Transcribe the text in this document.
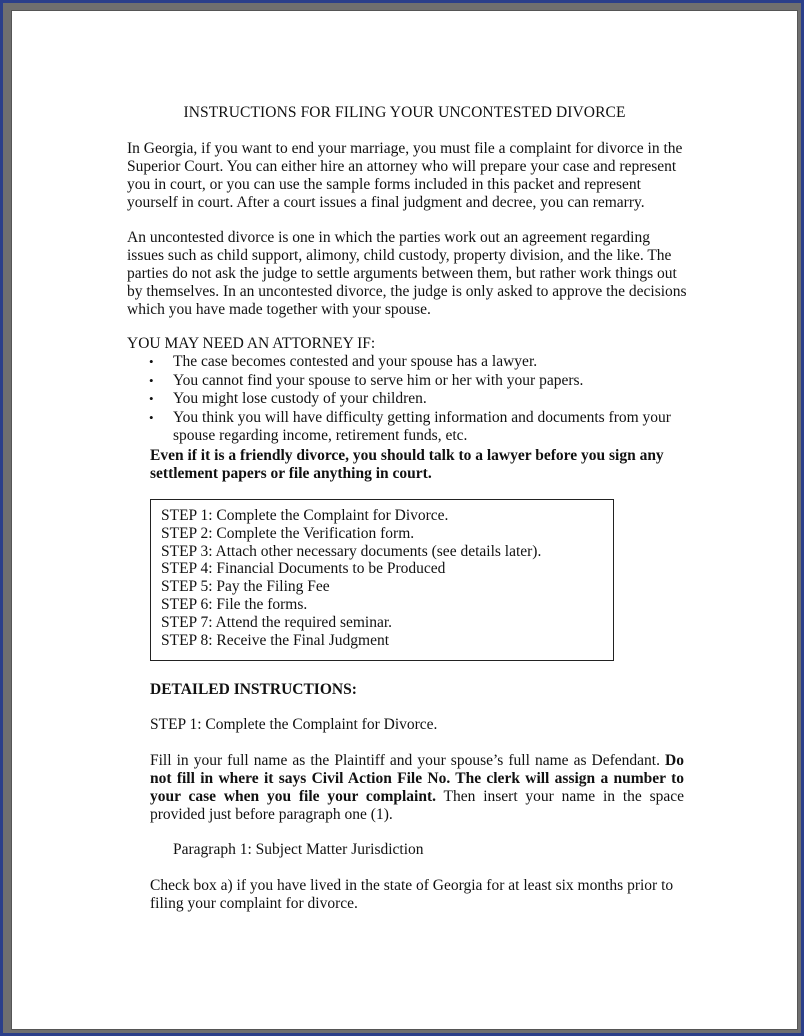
INSTRUCTIONS FOR FILING YOUR UNCONTESTED DIVORCE

In Georgia, if you want to end your marriage, you must file a complaint for divorce in the Superior Court. You can either hire an attorney who will prepare your case and represent you in court, or you can use the sample forms included in this packet and represent yourself in court. After a court issues a final judgment and decree, you can remarry.

An uncontested divorce is one in which the parties work out an agreement regarding issues such as child support, alimony, child custody, property division, and the like. The parties do not ask the judge to settle arguments between them, but rather work things out by themselves. In an uncontested divorce, the judge is only asked to approve the decisions which you have made together with your spouse.

YOU MAY NEED AN ATTORNEY IF:

• The case becomes contested and your spouse has a lawyer.
• You cannot find your spouse to serve him or her with your papers.
• You might lose custody of your children.
• You think you will have difficulty getting information and documents from your spouse regarding income, retirement funds, etc.

Even if it is a friendly divorce, you should talk to a lawyer before you sign any settlement papers or file anything in court.

STEP 1: Complete the Complaint for Divorce.
STEP 2: Complete the Verification form.
STEP 3: Attach other necessary documents (see details later).
STEP 4: Financial Documents to be Produced
STEP 5: Pay the Filing Fee
STEP 6: File the forms.
STEP 7: Attend the required seminar.
STEP 8: Receive the Final Judgment

DETAILED INSTRUCTIONS:

STEP 1: Complete the Complaint for Divorce.

Fill in your full name as the Plaintiff and your spouse’s full name as Defendant. Do not fill in where it says Civil Action File No. The clerk will assign a number to your case when you file your complaint. Then insert your name in the space provided just before paragraph one (1).

Paragraph 1: Subject Matter Jurisdiction

Check box a) if you have lived in the state of Georgia for at least six months prior to filing your complaint for divorce.
